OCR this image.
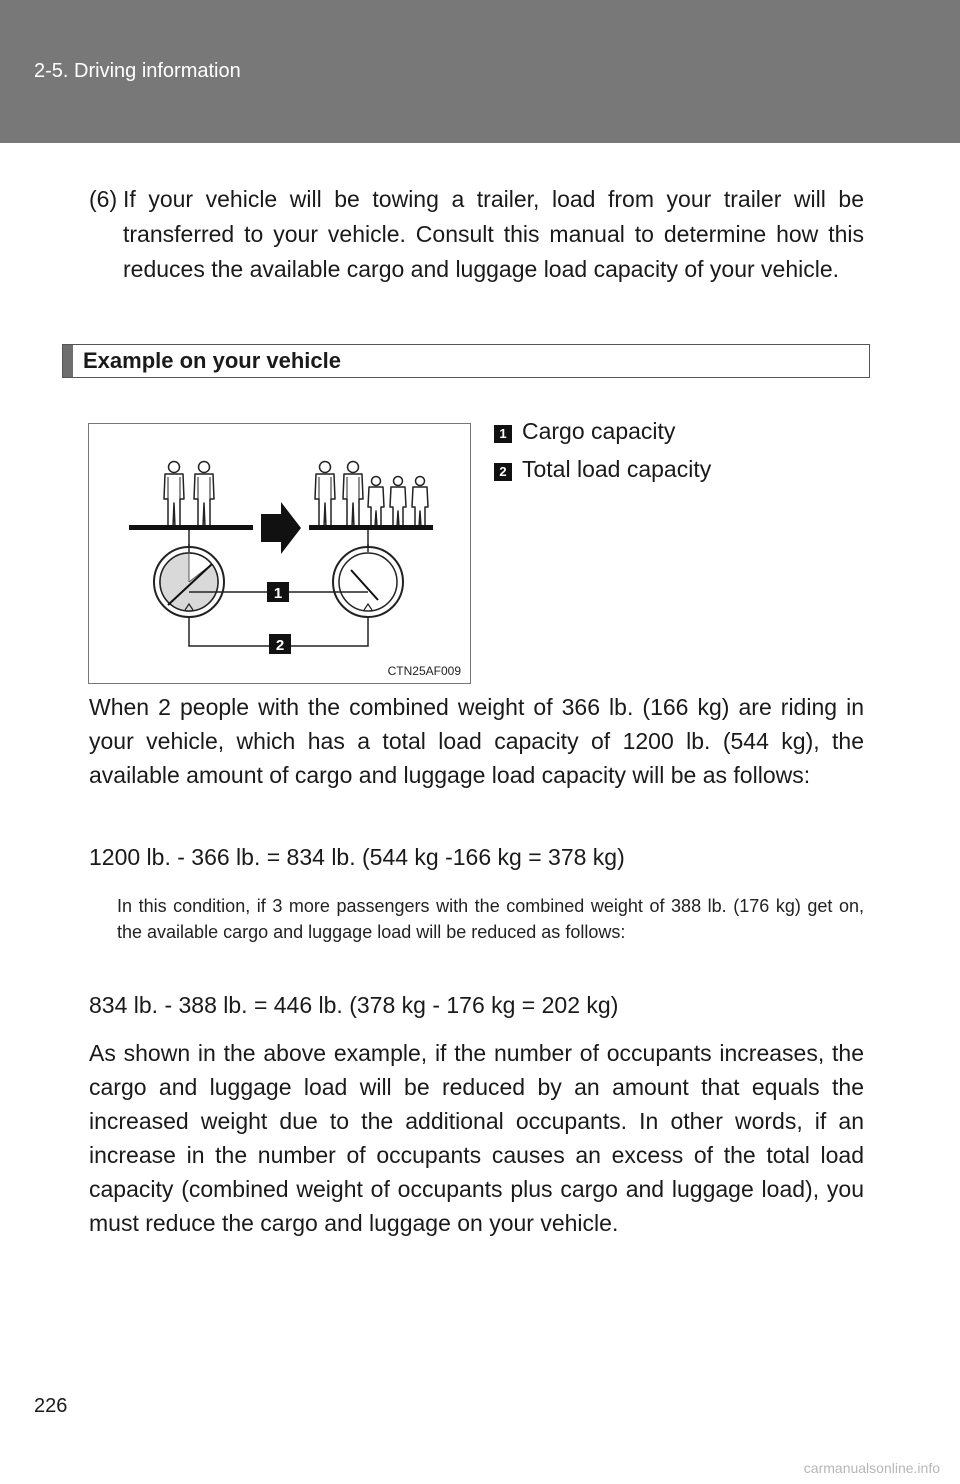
2-5. Driving information
(6) If your vehicle will be towing a trailer, load from your trailer will be transferred to your vehicle. Consult this manual to determine how this reduces the available cargo and luggage load capacity of your vehicle.
Example on your vehicle
1
2
CTN25AF009
1 Cargo capacity
2 Total load capacity
When 2 people with the combined weight of 366 lb. (166 kg) are riding in your vehicle, which has a total load capacity of 1200 lb. (544 kg), the available amount of cargo and luggage load capacity will be as follows:
1200 lb. - 366 lb. = 834 lb. (544 kg -166 kg = 378 kg)
In this condition, if 3 more passengers with the combined weight of 388 lb. (176 kg) get on, the available cargo and luggage load will be reduced as follows:
834 lb. - 388 lb. = 446 lb. (378 kg - 176 kg = 202 kg)
As shown in the above example, if the number of occupants increases, the cargo and luggage load will be reduced by an amount that equals the increased weight due to the additional occupants. In other words, if an increase in the number of occupants causes an excess of the total load capacity (combined weight of occupants plus cargo and luggage load), you must reduce the cargo and luggage on your vehicle.
226
carmanualsonline.info
